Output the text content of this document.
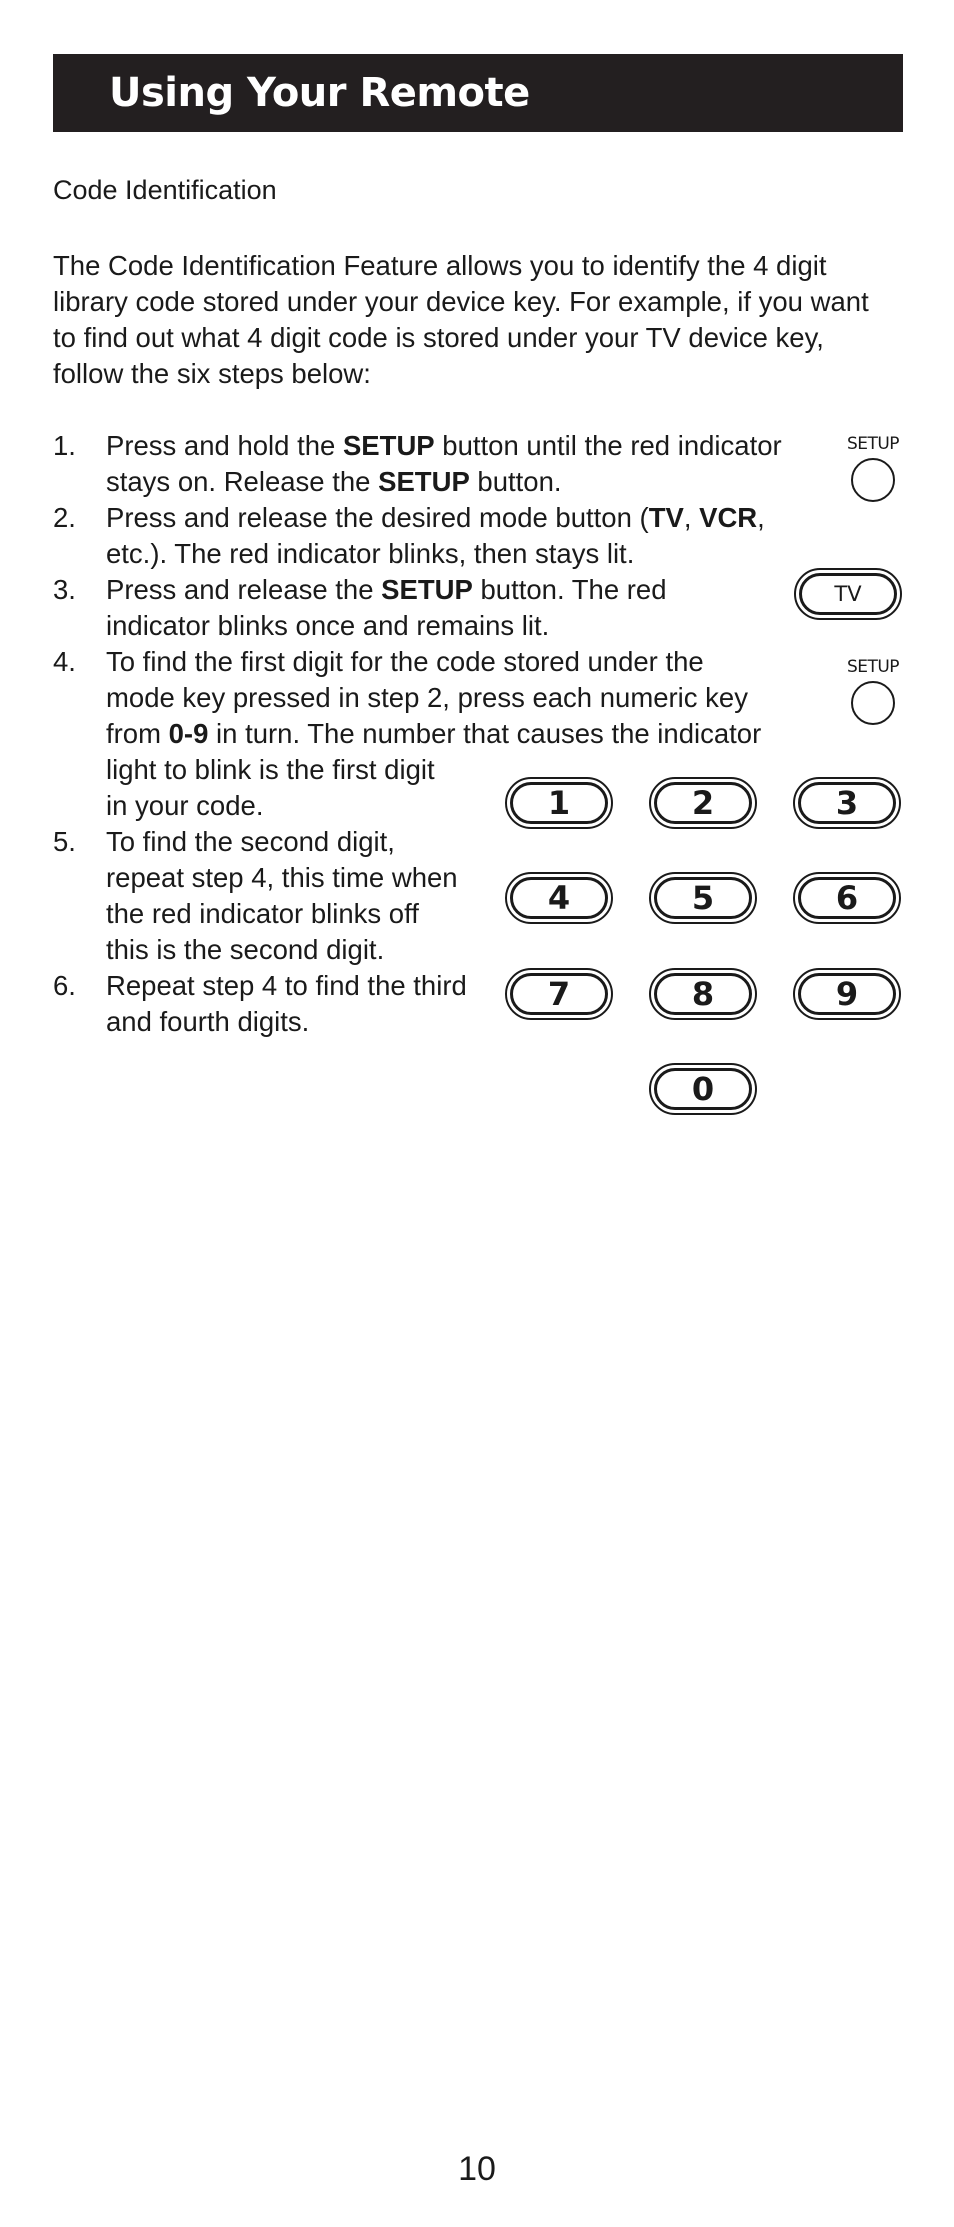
Using Your Remote
Code Identification
The Code Identification Feature allows you to identify the 4 digit
library code stored under your device key. For example, if you want
to find out what 4 digit code is stored under your TV device key,
follow the six steps below:
1. Press and hold the SETUP button until the red indicator
stays on. Release the SETUP button.
2. Press and release the desired mode button (TV, VCR,
etc.). The red indicator blinks, then stays lit.
3. Press and release the SETUP button. The red
indicator blinks once and remains lit.
4. To find the first digit for the code stored under the
mode key pressed in step 2, press each numeric key
from 0-9 in turn. The number that causes the indicator
light to blink is the first digit
in your code.
5. To find the second digit,
repeat step 4, this time when
the red indicator blinks off
this is the second digit.
6. Repeat step 4 to find the third
and fourth digits.
SETUP
TV
SETUP
1	2	3
4	5	6
7	8	9
0
10
